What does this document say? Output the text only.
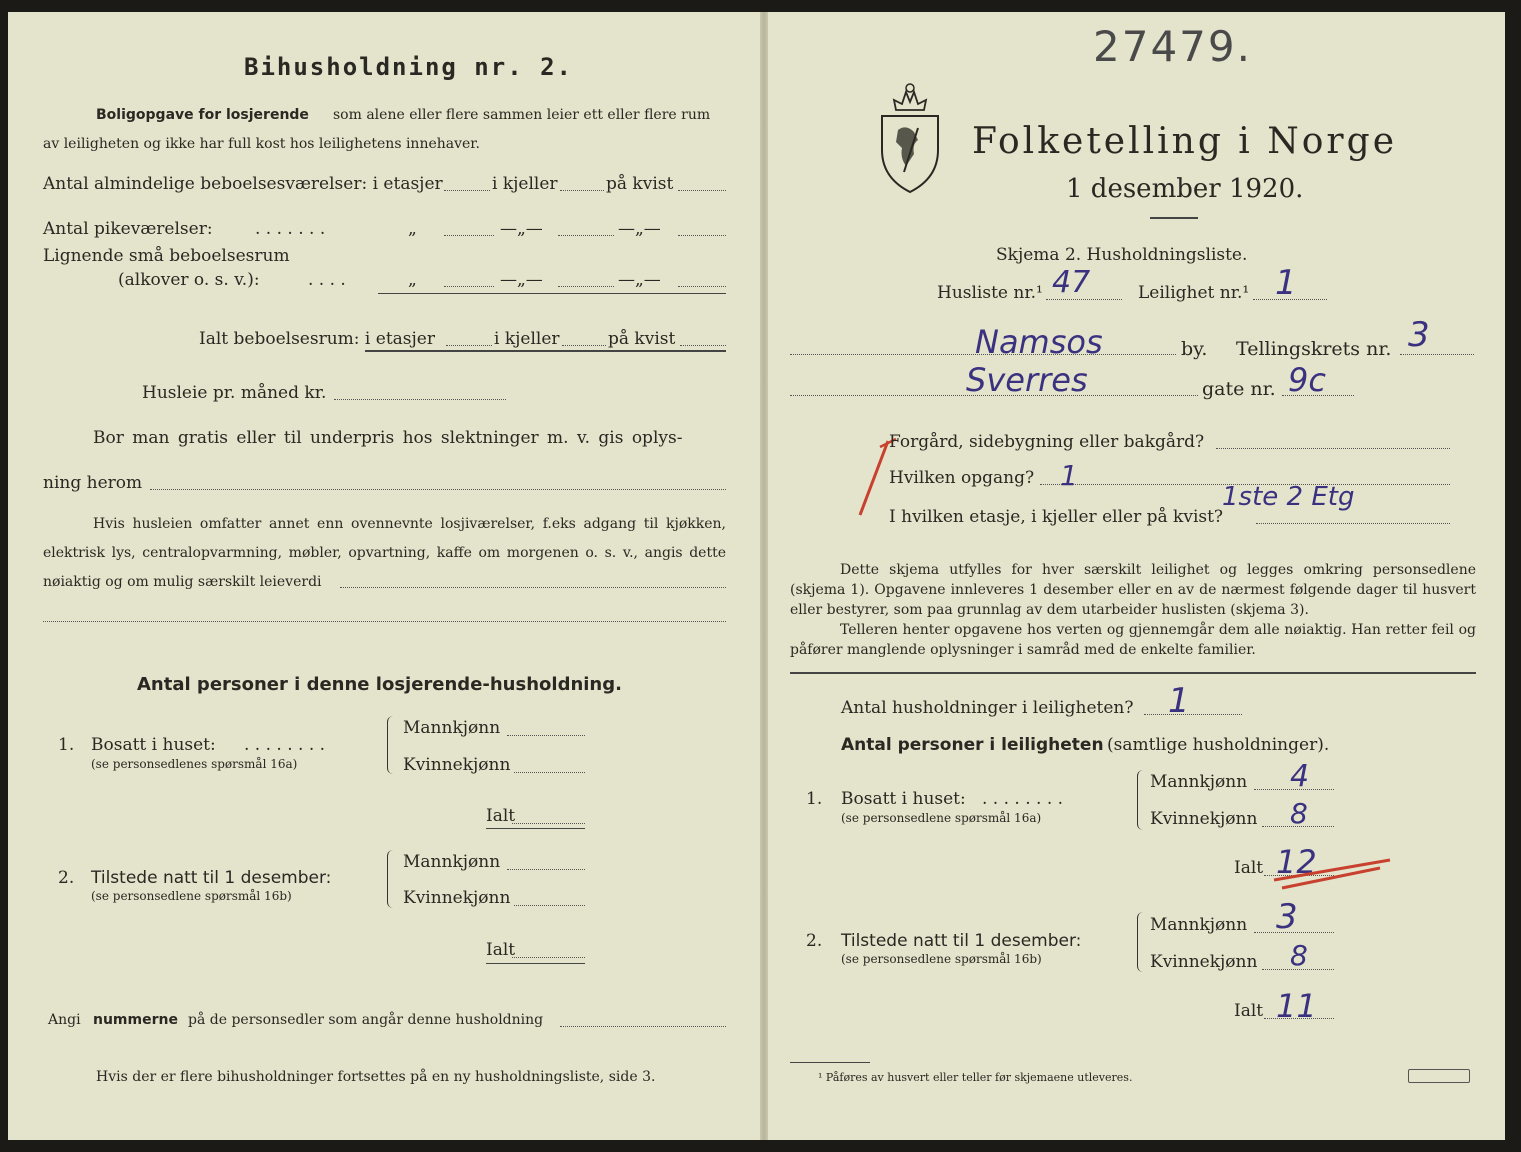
Bihusholdning nr. 2.
Boligopgave for losjerende som alene eller flere sammen leier ett eller flere rum
av leiligheten og ikke har full kost hos leilighetens innehaver.
Antal almindelige beboelsesværelser: i etasjer	i kjeller	på kvist
Antal pikeværelser: . . . . . . .	„	—„—	—„—
Lignende små beboelsesrum
(alkover o. s. v.):	. . . .	„	—„—	—„—
Ialt beboelsesrum: i etasjer	i kjeller	på kvist
Husleie pr. måned kr.
Bor man gratis eller til underpris hos slektninger m. v. gis oplys-
ning herom
Hvis husleien omfatter annet enn ovennevnte losjiværelser, f.eks adgang til kjøkken, elektrisk lys, centralopvarmning, møbler, opvartning, kaffe om morgenen o. s. v., angis dette nøiaktig og om mulig særskilt leieverdi
Antal personer i denne losjerende-husholdning.
1. Bosatt i huset: . . . . . . . .
(se personsedlenes spørsmål 16a)
Mannkjønn
Kvinnekjønn
Ialt
2. Tilstede natt til 1 desember:
(se personsedlene spørsmål 16b)
Mannkjønn
Kvinnekjønn
Ialt
Angi nummerne på de personsedler som angår denne husholdning
Hvis der er flere bihusholdninger fortsettes på en ny husholdningsliste, side 3.
27479.
Folketelling i Norge
1 desember 1920.
Skjema 2. Husholdningsliste.
Husliste nr.¹ 47	Leilighet nr.¹ 1
Namsos	by. Tellingskrets nr. 3
Sverres	gate nr. 9c
Forgård, sidebygning eller bakgård?
Hvilken opgang? 1
I hvilken etasje, i kjeller eller på kvist?
1ste 2 Etg
Dette skjema utfylles for hver særskilt leilighet og legges omkring personsedlene (skjema 1). Opgavene innleveres 1 desember eller en av de nærmest følgende dager til husvert eller bestyrer, som paa grunnlag av dem utarbeider huslisten (skjema 3).
Telleren henter opgavene hos verten og gjennemgår dem alle nøiaktig. Han retter feil og påfører manglende oplysninger i samråd med de enkelte familier.
Antal husholdninger i leiligheten? 1
Antal personer i leiligheten (samtlige husholdninger).
1. Bosatt i huset: . . . . . . . .
(se personsedlene spørsmål 16a)
Mannkjønn 4
Kvinnekjønn 8
Ialt 12
2. Tilstede natt til 1 desember:
(se personsedlene spørsmål 16b)
Mannkjønn 3
Kvinnekjønn 8
Ialt 11
¹ Påføres av husvert eller teller før skjemaene utleveres.
